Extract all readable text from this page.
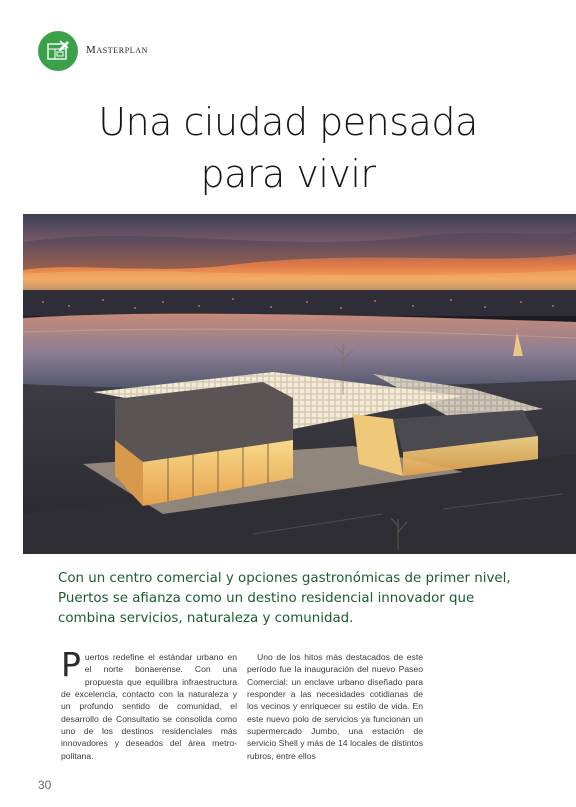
Masterplan
Una ciudad pensada
para vivir

Con un centro comercial y opciones gastronómicas de primer nivel, Puertos se afianza como un destino residencial innovador que combina servicios, naturaleza y comunidad.

Puertos redefine el estándar urbano en el norte bonaerense. Con una propuesta que equilibra infraestructura de excelencia, contacto con la naturaleza y un profundo sentido de comunidad, el desarrollo de Consultatio se consolida como uno de los destinos residenciales más innovadores y deseados del área metropolitana.
Uno de los hitos más destacados de este período fue la inauguración del nuevo Paseo Comercial: un enclave urbano diseñado para responder a las necesidades cotidianas de los vecinos y enriquecer su estilo de vida. En este nuevo polo de servicios ya funcionan un supermercado Jumbo, una estación de servicio Shell y más de 14 locales de distintos rubros, entre ellos
30
